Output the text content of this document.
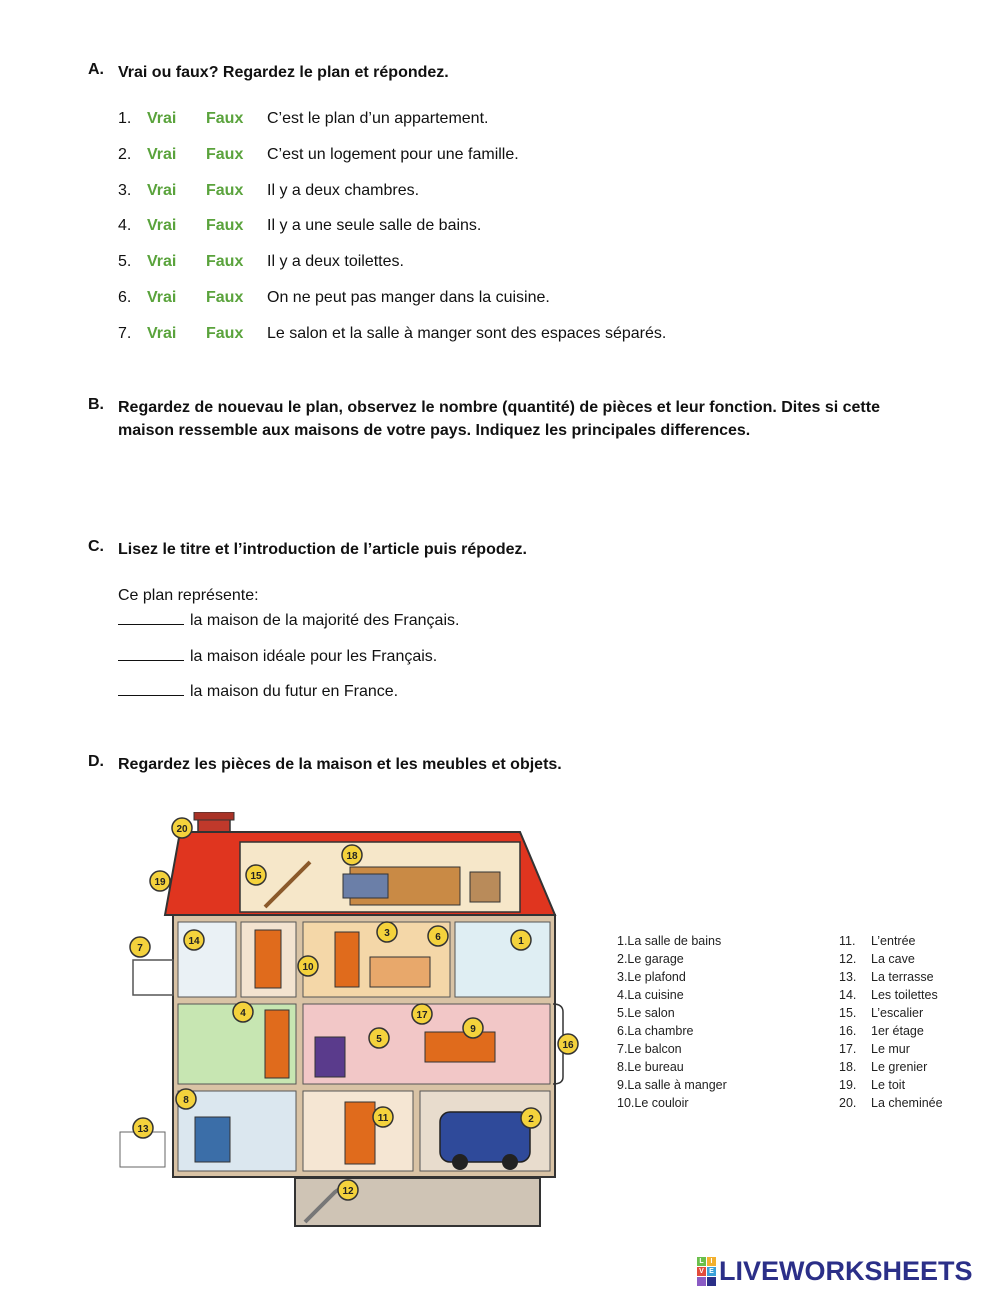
A. Vrai ou faux? Regardez le plan et répondez.
1. Vrai Faux C’est le plan d’un appartement.
2. Vrai Faux C’est un logement pour une famille.
3. Vrai Faux Il y a deux chambres.
4. Vrai Faux Il y a une seule salle de bains.
5. Vrai Faux Il y a deux toilettes.
6. Vrai Faux On ne peut pas manger dans la cuisine.
7. Vrai Faux Le salon et la salle à manger sont des espaces séparés.
B. Regardez de nouevau le plan, observez le nombre (quantité) de pièces et leur fonction. Dites si cette
maison ressemble aux maisons de votre pays. Indiquez les principales differences.
C. Lisez le titre et l’introduction de l’article puis répodez.
Ce plan représente:
la maison de la majorité des Français.
la maison idéale pour les Français.
la maison du futur en France.
D. Regardez les pièces de la maison et les meubles et objets.
1
2
3
4
5
6
7
8
9
10
11
12
13
14
15
16
17
18
19
20
1.La salle de bains
2.Le garage
3.Le plafond
4.La cuisine
5.Le salon
6.La chambre
7.Le balcon
8.Le bureau
9.La salle à manger
10.Le couloir
11. L’entrée
12. La cave
13. La terrasse
14. Les toilettes
15. L’escalier
16. 1er étage
17. Le mur
18. Le grenier
19. Le toit
20. La cheminée
L I
V E LIVEWORKSHEETS
